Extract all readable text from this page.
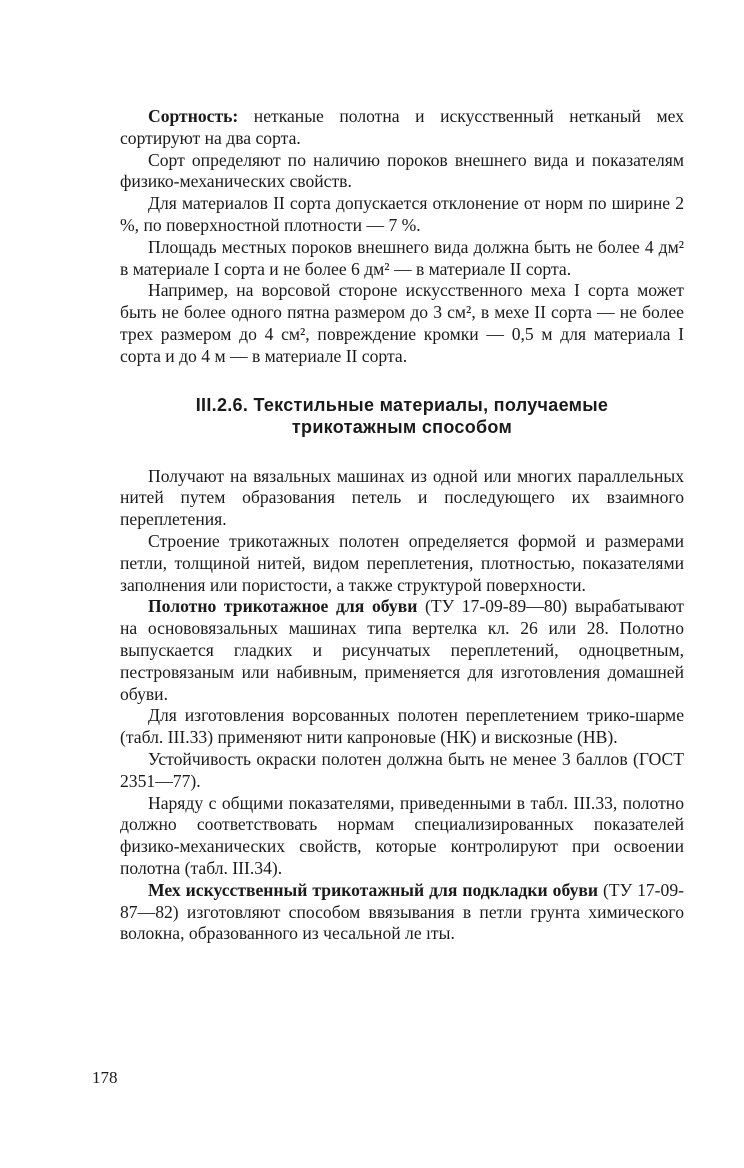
Сортность: нетканые полотна и искусственный нетканый мех сортируют на два сорта.

Сорт определяют по наличию пороков внешнего вида и показателям физико-механических свойств.

Для материалов II сорта допускается отклонение от норм по ширине 2 %, по поверхностной плотности — 7 %.

Площадь местных пороков внешнего вида должна быть не более 4 дм² в материале I сорта и не более 6 дм² — в материале II сорта.

Например, на ворсовой стороне искусственного меха I сорта может быть не более одного пятна размером до 3 см², в мехе II сорта — не более трех размером до 4 см², повреждение кромки — 0,5 м для материала I сорта и до 4 м — в материале II сорта.

III.2.6. Текстильные материалы, получаемые
трикотажным способом

Получают на вязальных машинах из одной или многих параллельных нитей путем образования петель и последующего их взаимного переплетения.

Строение трикотажных полотен определяется формой и размерами петли, толщиной нитей, видом переплетения, плотностью, показателями заполнения или пористости, а также структурой поверхности.

Полотно трикотажное для обуви (ТУ 17-09-89—80) вырабатывают на основовязальных машинах типа вертелка кл. 26 или 28. Полотно выпускается гладких и рисунчатых переплетений, одноцветным, пестровязаным или набивным, применяется для изготовления домашней обуви.

Для изготовления ворсованных полотен переплетением трико-шарме (табл. III.33) применяют нити капроновые (НК) и вискозные (НВ).

Устойчивость окраски полотен должна быть не менее 3 баллов (ГОСТ 2351—77).

Наряду с общими показателями, приведенными в табл. III.33, полотно должно соответствовать нормам специализированных показателей физико-механических свойств, которые контролируют при освоении полотна (табл. III.34).

Мех искусственный трикотажный для подкладки обуви (ТУ 17-09-87—82) изготовляют способом ввязывания в петли грунта химического волокна, образованного из чесальной ле ıты.

178
